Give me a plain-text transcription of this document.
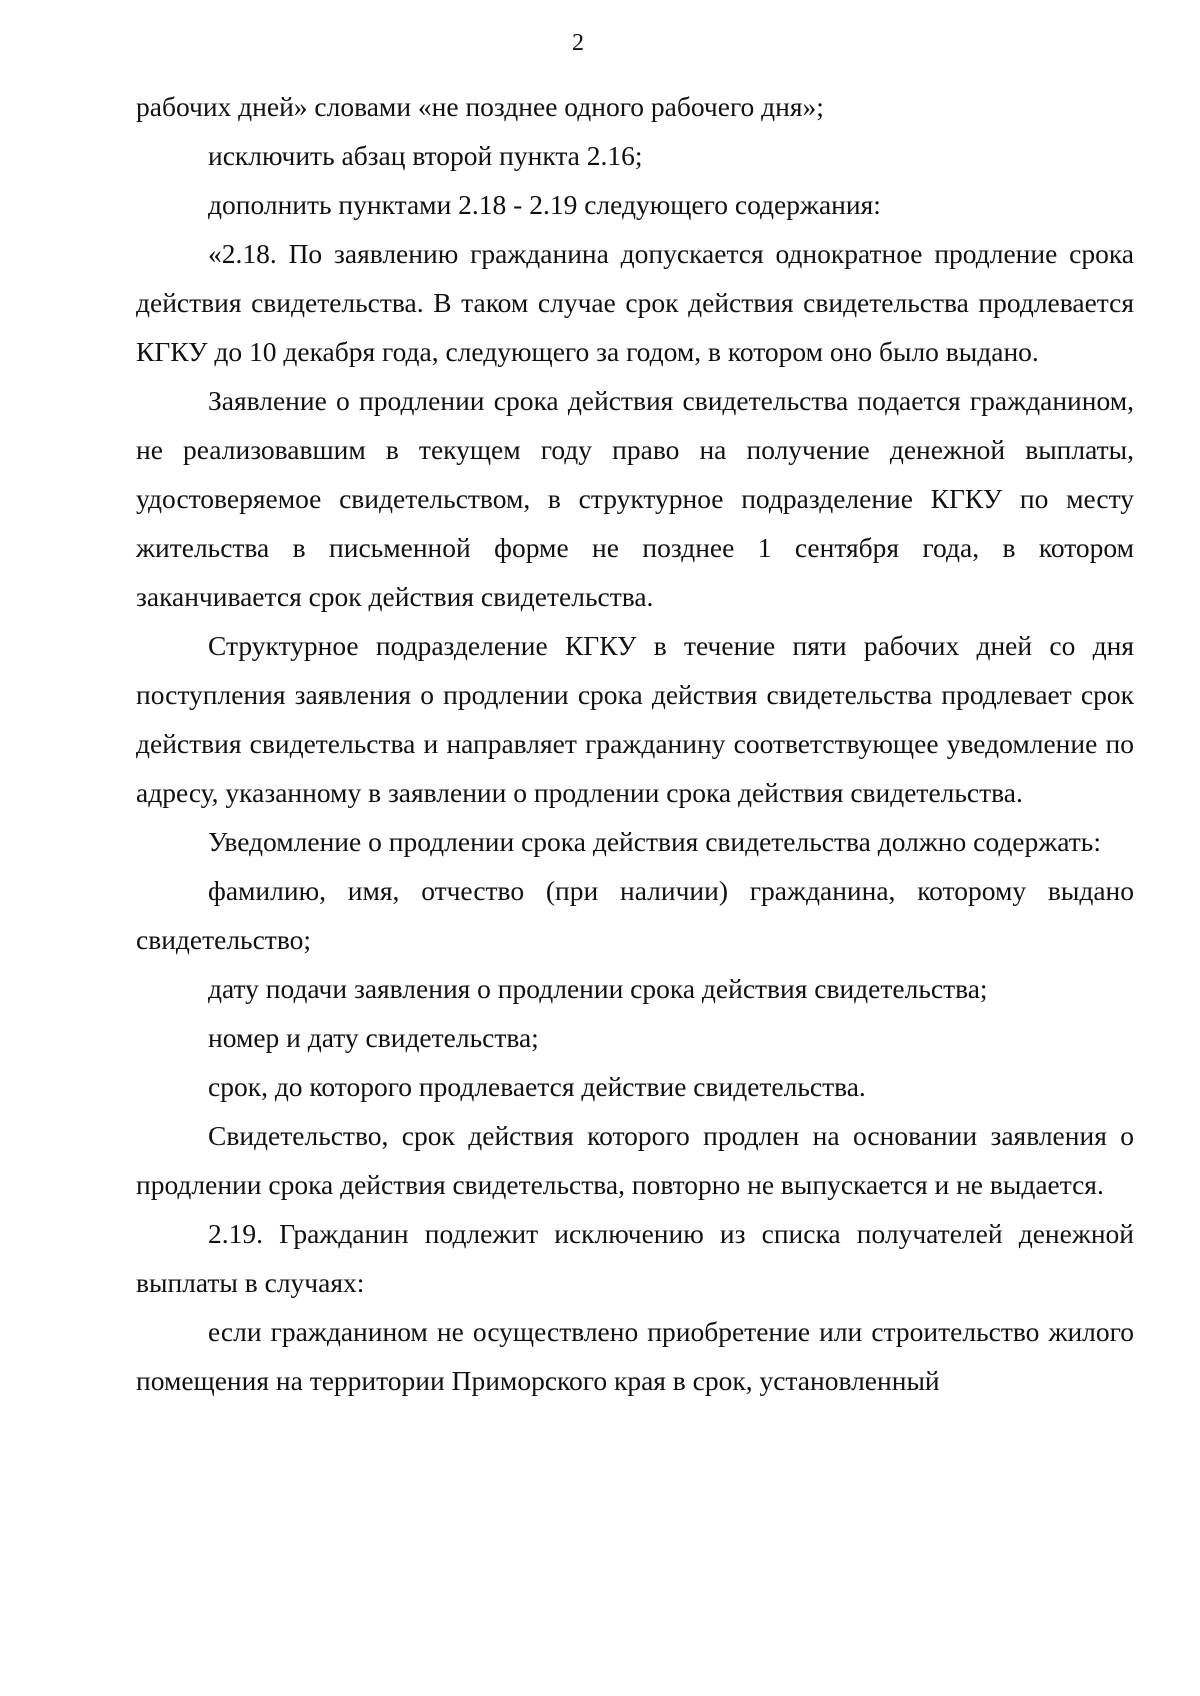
2

рабочих дней» словами «не позднее одного рабочего дня»;

исключить абзац второй пункта 2.16;

дополнить пунктами 2.18 - 2.19 следующего содержания:

«2.18. По заявлению гражданина допускается однократное продление срока действия свидетельства. В таком случае срок действия свидетельства продлевается КГКУ до 10 декабря года, следующего за годом, в котором оно было выдано.

Заявление о продлении срока действия свидетельства подается гражданином, не реализовавшим в текущем году право на получение денежной выплаты, удостоверяемое свидетельством, в структурное подразделение КГКУ по месту жительства в письменной форме не позднее 1 сентября года, в котором заканчивается срок действия свидетельства.

Структурное подразделение КГКУ в течение пяти рабочих дней со дня поступления заявления о продлении срока действия свидетельства продлевает срок действия свидетельства и направляет гражданину соответствующее уведомление по адресу, указанному в заявлении о продлении срока действия свидетельства.

Уведомление о продлении срока действия свидетельства должно содержать:

фамилию, имя, отчество (при наличии) гражданина, которому выдано свидетельство;

дату подачи заявления о продлении срока действия свидетельства;

номер и дату свидетельства;

срок, до которого продлевается действие свидетельства.

Свидетельство, срок действия которого продлен на основании заявления о продлении срока действия свидетельства, повторно не выпускается и не выдается.

2.19. Гражданин подлежит исключению из списка получателей денежной выплаты в случаях:

если гражданином не осуществлено приобретение или строительство жилого помещения на территории Приморского края в срок, установленный
